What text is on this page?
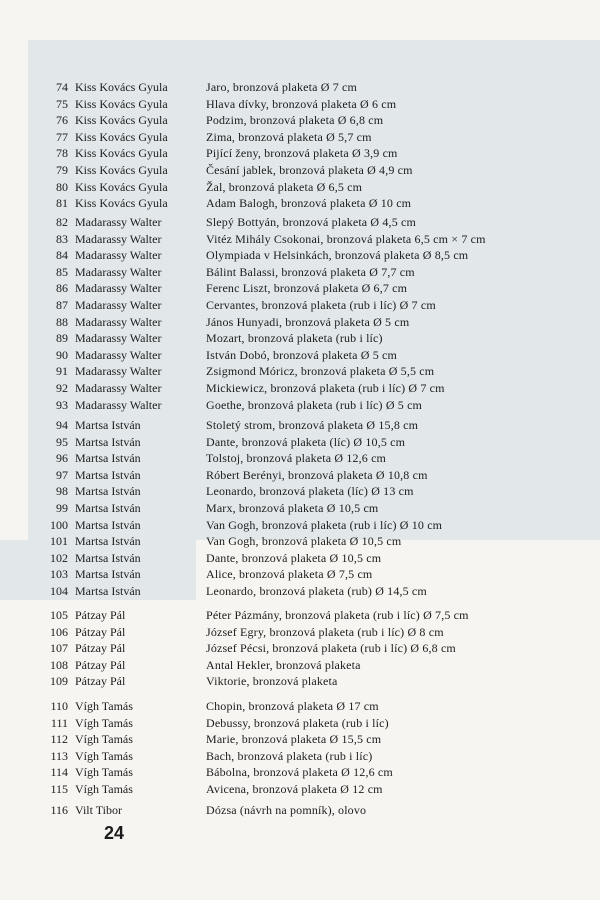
74 Kiss Kovács Gyula	Jaro, bronzová plaketa Ø 7 cm
75 Kiss Kovács Gyula	Hlava dívky, bronzová plaketa Ø 6 cm
76 Kiss Kovács Gyula	Podzim, bronzová plaketa Ø 6,8 cm
77 Kiss Kovács Gyula	Zima, bronzová plaketa Ø 5,7 cm
78 Kiss Kovács Gyula	Pijící ženy, bronzová plaketa Ø 3,9 cm
79 Kiss Kovács Gyula	Česání jablek, bronzová plaketa Ø 4,9 cm
80 Kiss Kovács Gyula	Žal, bronzová plaketa Ø 6,5 cm
81 Kiss Kovács Gyula	Adam Balogh, bronzová plaketa Ø 10 cm
82 Madarassy Walter	Slepý Bottyán, bronzová plaketa Ø 4,5 cm
83 Madarassy Walter	Vitéz Mihály Csokonai, bronzová plaketa 6,5 cm × 7 cm
84 Madarassy Walter	Olympiada v Helsinkách, bronzová plaketa Ø 8,5 cm
85 Madarassy Walter	Bálint Balassi, bronzová plaketa Ø 7,7 cm
86 Madarassy Walter	Ferenc Liszt, bronzová plaketa Ø 6,7 cm
87 Madarassy Walter	Cervantes, bronzová plaketa (rub i líc) Ø 7 cm
88 Madarassy Walter	János Hunyadi, bronzová plaketa Ø 5 cm
89 Madarassy Walter	Mozart, bronzová plaketa (rub i líc)
90 Madarassy Walter	István Dobó, bronzová plaketa Ø 5 cm
91 Madarassy Walter	Zsigmond Móricz, bronzová plaketa Ø 5,5 cm
92 Madarassy Walter	Mickiewicz, bronzová plaketa (rub i líc) Ø 7 cm
93 Madarassy Walter	Goethe, bronzová plaketa (rub i líc) Ø 5 cm
94 Martsa István	Stoletý strom, bronzová plaketa Ø 15,8 cm
95 Martsa István	Dante, bronzová plaketa (líc) Ø 10,5 cm
96 Martsa István	Tolstoj, bronzová plaketa Ø 12,6 cm
97 Martsa István	Róbert Berényi, bronzová plaketa Ø 10,8 cm
98 Martsa István	Leonardo, bronzová plaketa (líc) Ø 13 cm
99 Martsa István	Marx, bronzová plaketa Ø 10,5 cm
100 Martsa István	Van Gogh, bronzová plaketa (rub i líc) Ø 10 cm
101 Martsa István	Van Gogh, bronzová plaketa Ø 10,5 cm
102 Martsa István	Dante, bronzová plaketa Ø 10,5 cm
103 Martsa István	Alice, bronzová plaketa Ø 7,5 cm
104 Martsa István	Leonardo, bronzová plaketa (rub) Ø 14,5 cm
105 Pátzay Pál	Péter Pázmány, bronzová plaketa (rub i líc) Ø 7,5 cm
106 Pátzay Pál	József Egry, bronzová plaketa (rub i líc) Ø 8 cm
107 Pátzay Pál	József Pécsi, bronzová plaketa (rub i líc) Ø 6,8 cm
108 Pátzay Pál	Antal Hekler, bronzová plaketa
109 Pátzay Pál	Viktorie, bronzová plaketa
110 Vígh Tamás	Chopin, bronzová plaketa Ø 17 cm
111 Vígh Tamás	Debussy, bronzová plaketa (rub i líc)
112 Vígh Tamás	Marie, bronzová plaketa Ø 15,5 cm
113 Vígh Tamás	Bach, bronzová plaketa (rub i líc)
114 Vígh Tamás	Bábolna, bronzová plaketa Ø 12,6 cm
115 Vígh Tamás	Avicena, bronzová plaketa Ø 12 cm
116 Vilt Tibor	Dózsa (návrh na pomník), olovo
24
